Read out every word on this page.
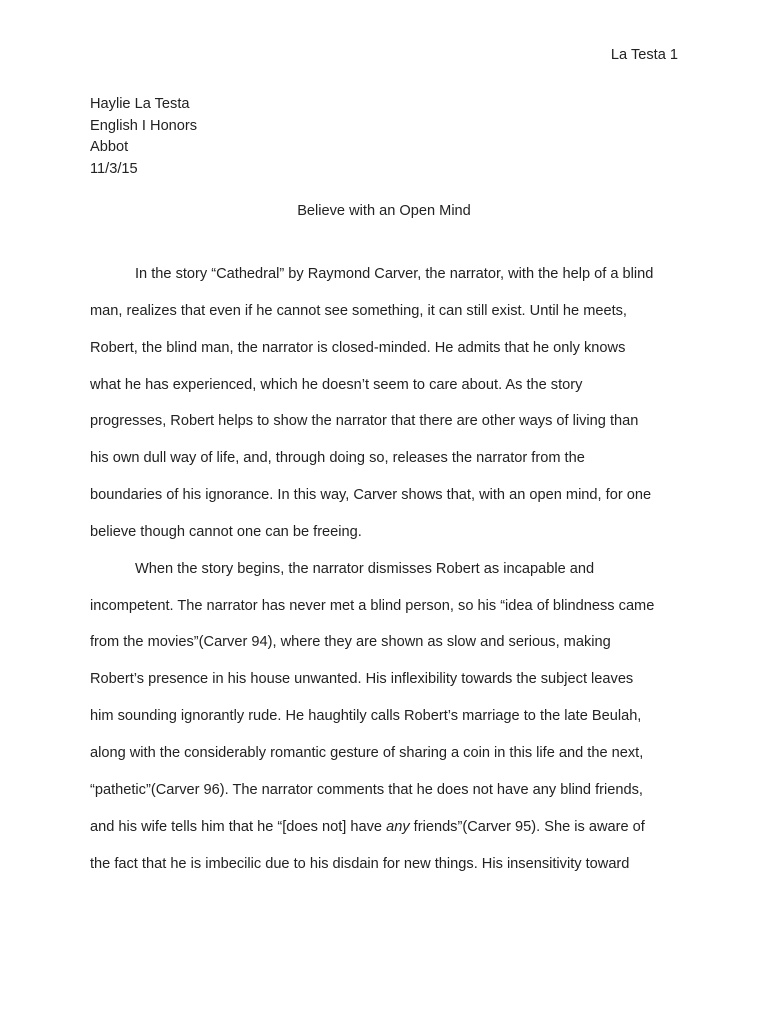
La Testa 1
Haylie La Testa
English I Honors
Abbot
11/3/15
Believe with an Open Mind
In the story “Cathedral” by Raymond Carver, the narrator, with the help of a blind
man, realizes that even if he cannot see something, it can still exist. Until he meets,
Robert, the blind man, the narrator is closed-minded. He admits that he only knows
what he has experienced, which he doesn’t seem to care about. As the story
progresses, Robert helps to show the narrator that there are other ways of living than
his own dull way of life, and, through doing so, releases the narrator from the
boundaries of his ignorance. In this way, Carver shows that, with an open mind, for one
believe though cannot one can be freeing.
When the story begins, the narrator dismisses Robert as incapable and
incompetent. The narrator has never met a blind person, so his “idea of blindness came
from the movies”(Carver 94), where they are shown as slow and serious, making
Robert’s presence in his house unwanted. His inflexibility towards the subject leaves
him sounding ignorantly rude. He haughtily calls Robert’s marriage to the late Beulah,
along with the considerably romantic gesture of sharing a coin in this life and the next,
“pathetic”(Carver 96). The narrator comments that he does not have any blind friends,
and his wife tells him that he “[does not] have any friends”(Carver 95). She is aware of
the fact that he is imbecilic due to his disdain for new things. His insensitivity toward
